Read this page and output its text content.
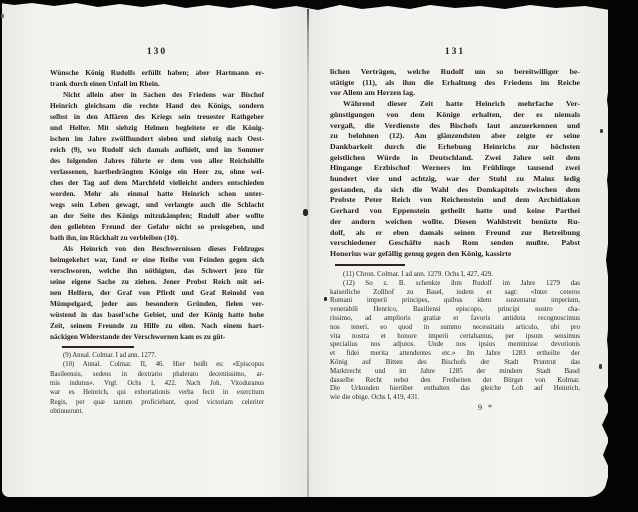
130
Wünsche König Rudolfs erfüllt haben; aber Hartmann er-
trank durch einen Unfall im Rhein.
Nicht allein aber in Sachen des Friedens war Bischof
Heinrich gleichsam die rechte Hand des Königs, sondern
selbst in den Affären des Kriegs sein treuester Rathgeber
und Helfer. Mit siebzig Helmen begleitete er die König-
ischen im Jahre zwölfhundert sieben und siebzig nach Oest-
reich (9), wo Rudolf sich damals aufhielt, und im Sommer
des folgenden Jahres führte er dem von aller Reichshilfe
verlassenen, hartbedrängten Könige ein Heer zu, ohne wel-
ches der Tag auf dem Marchfeld vielleicht anders entschieden
worden. Mehr als einmal hatte Heinrich schon unter-
wegs sein Leben gewagt, und verlangte auch die Schlacht
an der Seite des Königs mitzukämpfen; Rudolf aber wollte
den geliebten Freund der Gefahr nicht so preisgeben, und
bath ihn, im Rückhalt zu verbleiben (10).
Als Heinrich von den Beschwernissen dieses Feldzuges
heimgekehrt war, fand er eine Reihe von Feinden gegen sich
verschworen, welche ihn nöthigten, das Schwert jezo für
seine eigene Sache zu ziehen. Jener Probst Reich mit sei-
nen Helfern, der Graf von Pfirdt und Graf Reinold von
Mümpelgard, jeder aus besondern Gründen, fielen ver-
wüstend in das basel'sche Gebiet, und der König hatte hohe
Zeit, seinem Freunde zu Hilfe zu eilen. Nach einem hart-
näckigen Widerstande der Verschwornen kam es zu güt-
(9) Annal. Colmar. I ad ann. 1277.
(10) Annal. Colmar. II, 46. Hier heißt es: «Episcopus
Basileensis, sedens in dextrario phalerato decentissimo, ar-
mis indutus». Vrgl. Ochs I, 422. Nach Joh. Vitoduranus
war es Heinrich, qui exhortationis verba fecit in exercitum
Regis, per quæ tantum proficiebant, quod victoriam celeriter
obtinuerunt.
131
lichen Verträgen, welche Rudolf um so bereitwilliger be-
stätigte (11), als ihm die Erhaltung des Friedens im Reiche
vor Allem am Herzen lag.
Während dieser Zeit hatte Heinrich mehrfache Ver-
günstigungen von dem Könige erhalten, der es niemals
vergaß, die Verdienste des Bischofs laut anzuerkennen und
zu belohnen (12). Am glänzendsten aber zeigte er seine
Dankbarkeit durch die Erhebung Heinrichs zur höchsten
geistlichen Würde in Deutschland. Zwei Jahre seit dem
Hingange Erzbischof Werners im Frühlinge tausend zwei
hundert vier und achtzig, war der Stuhl zu Mainz ledig
gestanden, da sich die Wahl des Domkapitels zwischen dem
Probste Peter Reich von Reichenstein und dem Archidiakon
Gerhard von Eppenstein getheilt hatte und keine Parthei
der andern weichen wollte. Diesen Wahlstreit benüzte Ru-
dolf, als er eben damals seinen Freund zur Betreibung
verschiedener Geschäfte nach Rom senden mußte. Pabst
Honorius war gefällig genug gegen den König, kassirte
(11) Chron. Colmar. I ad ann. 1279. Ochs I, 427, 429.
(12) So z. B. schenkte ihm Rudolf im Jahre 1279 das
kaiserliche Zollhof zu Basel, indem er sagt: «Inter ceteros
Romani imperii principes, quibus idem sustentatur imperium,
venerabili Henrico, Basiliensi episcopo, principi nostro cha-
rissimo, ad amplioris gratiæ et favoris antidota recognoscimus
nos teneri, eo quod in summo necessitatis articulo, ubi pro
vita nostra et honore imperii certabamus, per ipsum sensimus
specialius nos adjutos. Unde nos ipsius meminisse devotionis
et fidei merita attendentes etc.» Im Jahre 1283 ertheilte der
König auf Bitten des Bischofs der Stadt Pruntrut das
Marktrecht und im Jahre 1285 der mindern Stadt Basel
dasselbe Recht nebst den Freiheiten der Bürger von Kolmar.
Die Urkunden hierüber enthalten das gleiche Lob auf Heinrich,
wie die obige. Ochs I, 419, 431.
9 *
